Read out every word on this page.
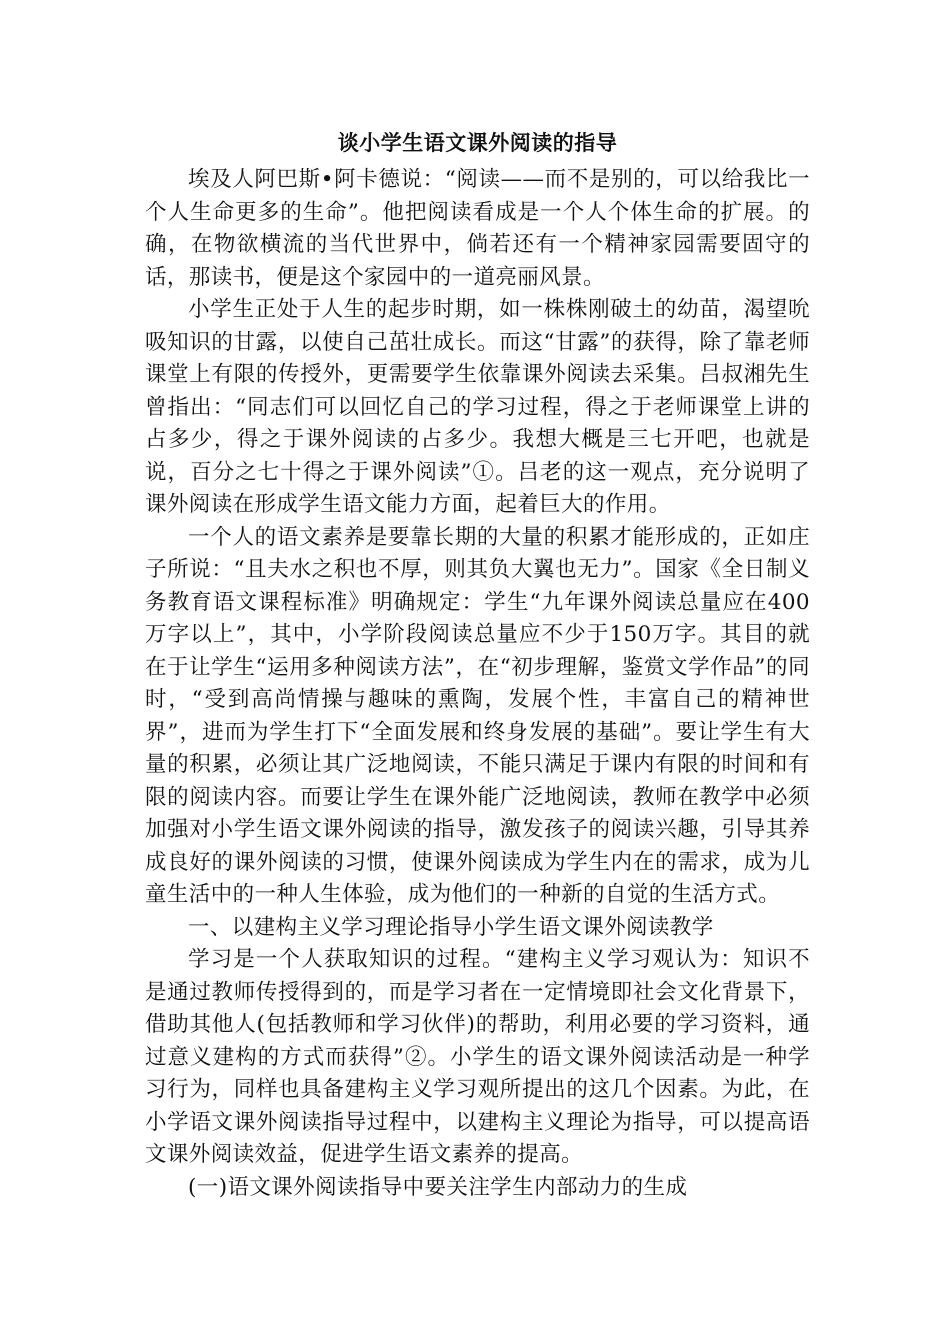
谈小学生语文课外阅读的指导

埃及人阿巴斯•阿卡德说：“阅读——而不是别的，可以给我比一个人生命更多的生命”。他把阅读看成是一个人个体生命的扩展。的确，在物欲横流的当代世界中，倘若还有一个精神家园需要固守的话，那读书，便是这个家园中的一道亮丽风景。

小学生正处于人生的起步时期，如一株株刚破土的幼苗，渴望吮吸知识的甘露，以使自己茁壮成长。而这“甘露”的获得，除了靠老师课堂上有限的传授外，更需要学生依靠课外阅读去采集。吕叔湘先生曾指出：“同志们可以回忆自己的学习过程，得之于老师课堂上讲的占多少，得之于课外阅读的占多少。我想大概是三七开吧，也就是说，百分之七十得之于课外阅读”①。吕老的这一观点，充分说明了课外阅读在形成学生语文能力方面，起着巨大的作用。

一个人的语文素养是要靠长期的大量的积累才能形成的，正如庄子所说：“且夫水之积也不厚，则其负大翼也无力”。国家《全日制义务教育语文课程标准》明确规定：学生“九年课外阅读总量应在400万字以上”，其中，小学阶段阅读总量应不少于150万字。其目的就在于让学生“运用多种阅读方法”，在“初步理解，鉴赏文学作品”的同时，“受到高尚情操与趣味的熏陶，发展个性，丰富自己的精神世界”，进而为学生打下“全面发展和终身发展的基础”。要让学生有大量的积累，必须让其广泛地阅读，不能只满足于课内有限的时间和有限的阅读内容。而要让学生在课外能广泛地阅读，教师在教学中必须加强对小学生语文课外阅读的指导，激发孩子的阅读兴趣，引导其养成良好的课外阅读的习惯，使课外阅读成为学生内在的需求，成为儿童生活中的一种人生体验，成为他们的一种新的自觉的生活方式。

一、以建构主义学习理论指导小学生语文课外阅读教学

学习是一个人获取知识的过程。“建构主义学习观认为：知识不是通过教师传授得到的，而是学习者在一定情境即社会文化背景下，借助其他人(包括教师和学习伙伴)的帮助，利用必要的学习资料，通过意义建构的方式而获得”②。小学生的语文课外阅读活动是一种学习行为，同样也具备建构主义学习观所提出的这几个因素。为此，在小学语文课外阅读指导过程中，以建构主义理论为指导，可以提高语文课外阅读效益，促进学生语文素养的提高。

(一)语文课外阅读指导中要关注学生内部动力的生成
